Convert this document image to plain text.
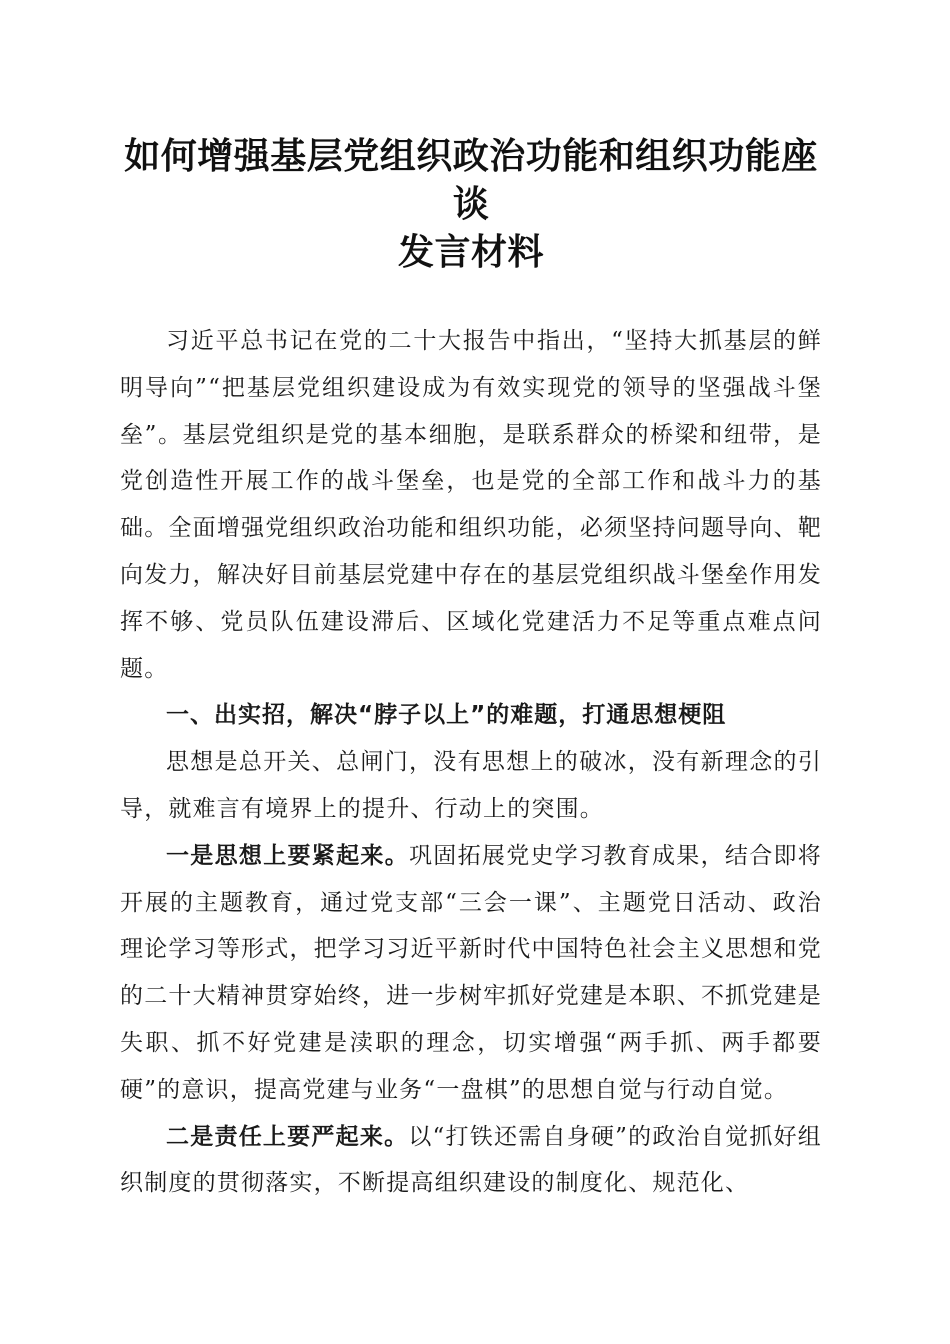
如何增强基层党组织政治功能和组织功能座谈
发言材料

习近平总书记在党的二十大报告中指出，“坚持大抓基层的鲜明导向”“把基层党组织建设成为有效实现党的领导的坚强战斗堡垒”。基层党组织是党的基本细胞，是联系群众的桥梁和纽带，是党创造性开展工作的战斗堡垒，也是党的全部工作和战斗力的基础。全面增强党组织政治功能和组织功能，必须坚持问题导向、靶向发力，解决好目前基层党建中存在的基层党组织战斗堡垒作用发挥不够、党员队伍建设滞后、区域化党建活力不足等重点难点问题。

一、出实招，解决“脖子以上”的难题，打通思想梗阻

思想是总开关、总闸门，没有思想上的破冰，没有新理念的引导，就难言有境界上的提升、行动上的突围。

一是思想上要紧起来。巩固拓展党史学习教育成果，结合即将开展的主题教育，通过党支部“三会一课”、主题党日活动、政治理论学习等形式，把学习习近平新时代中国特色社会主义思想和党的二十大精神贯穿始终，进一步树牢抓好党建是本职、不抓党建是失职、抓不好党建是渎职的理念，切实增强“两手抓、两手都要硬”的意识，提高党建与业务“一盘棋”的思想自觉与行动自觉。

二是责任上要严起来。以“打铁还需自身硬”的政治自觉抓好组织制度的贯彻落实，不断提高组织建设的制度化、规范化、
